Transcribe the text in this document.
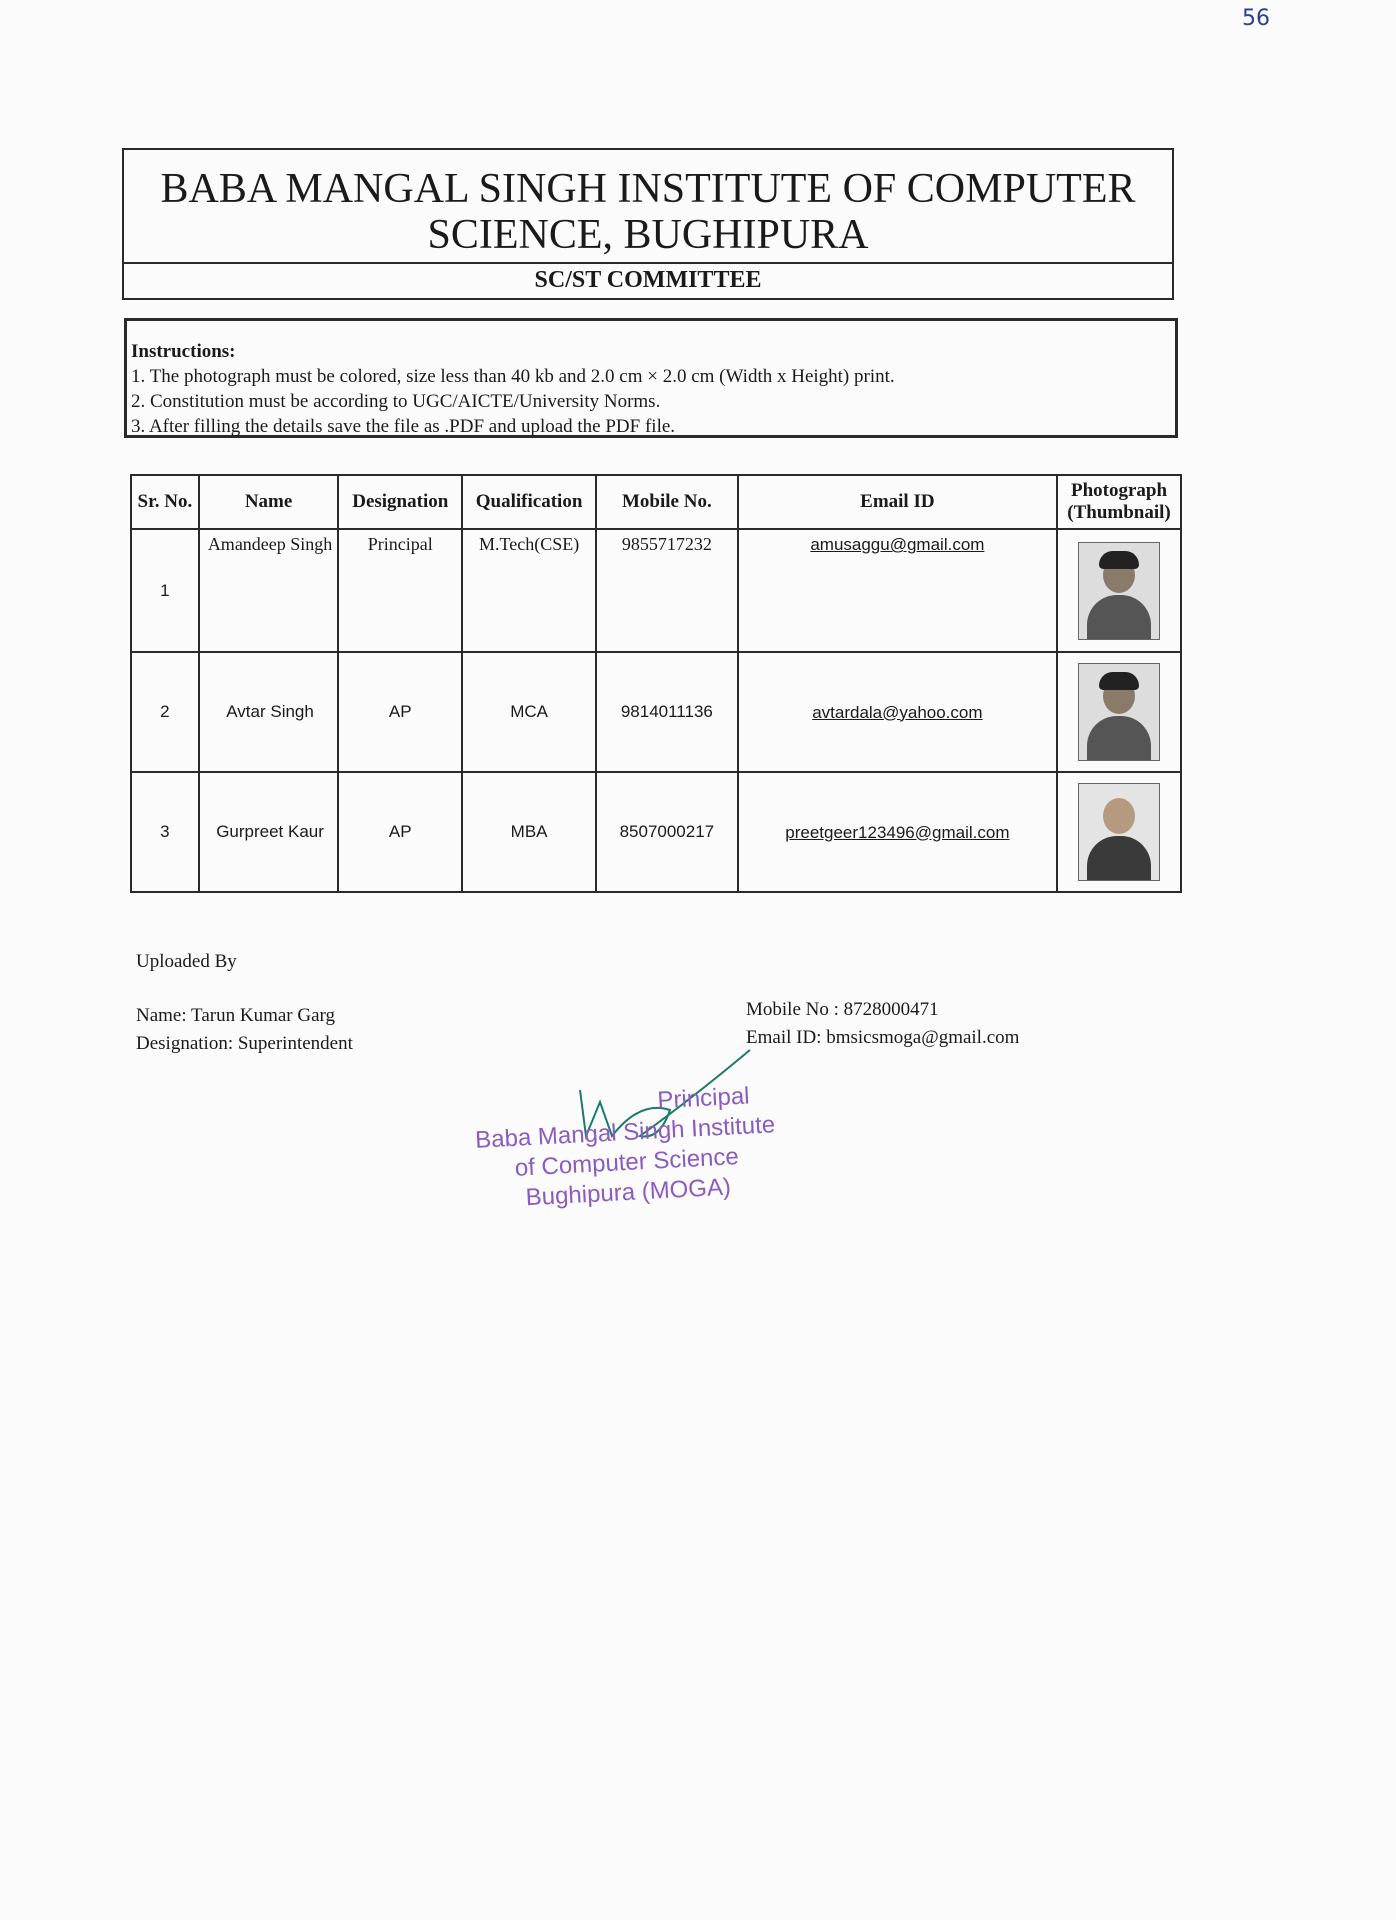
56
BABA MANGAL SINGH INSTITUTE OF COMPUTER SCIENCE, BUGHIPURA
SC/ST COMMITTEE
Instructions:
1. The photograph must be colored, size less than 40 kb and 2.0 cm × 2.0 cm (Width x Height) print.
2. Constitution must be according to UGC/AICTE/University Norms.
3. After filling the details save the file as .PDF and upload the PDF file.
Sr. No.	Name	Designation	Qualification	Mobile No.	Email ID	Photograph (Thumbnail)
1	Amandeep Singh	Principal	M.Tech(CSE)	9855717232	amusaggu@gmail.com	

2	Avtar Singh	AP	MCA	9814011136	avtardala@yahoo.com	

3	Gurpreet Kaur	AP	MBA	8507000217	preetgeer123496@gmail.com	
Uploaded By
Name: Tarun Kumar Garg
Designation: Superintendent
Mobile No : 8728000471
Email ID: bmsicsmoga@gmail.com
Principal
Baba Mangal Singh Institute
of Computer Science
Bughipura (MOGA)
